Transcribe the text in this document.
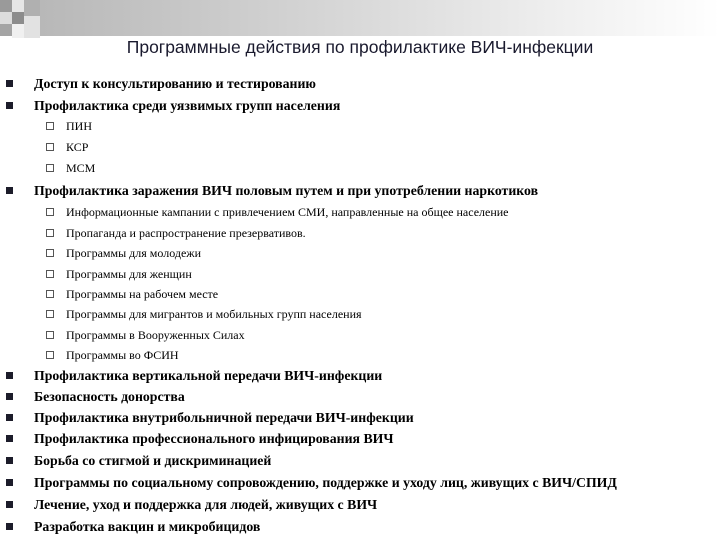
Программные действия по профилактике ВИЧ-инфекции
Доступ к консультированию и тестированию
Профилактика среди уязвимых групп населения
ПИН
КСР
МСМ
Профилактика заражения ВИЧ половым путем и при употреблении наркотиков
Информационные кампании с привлечением СМИ, направленные на общее население
Пропаганда и распространение презервативов.
Программы для молодежи
Программы для женщин
Программы на рабочем месте
Программы для мигрантов и мобильных групп населения
Программы в Вооруженных Силах
Программы во ФСИН
Профилактика вертикальной передачи ВИЧ-инфекции
Безопасность донорства
Профилактика внутрибольничной передачи ВИЧ-инфекции
Профилактика профессионального инфицирования ВИЧ
Борьба со стигмой и дискриминацией
Программы по социальному сопровождению, поддержке и уходу лиц, живущих с ВИЧ/СПИД
Лечение, уход и поддержка для людей, живущих с ВИЧ
Разработка вакцин и микробицидов
